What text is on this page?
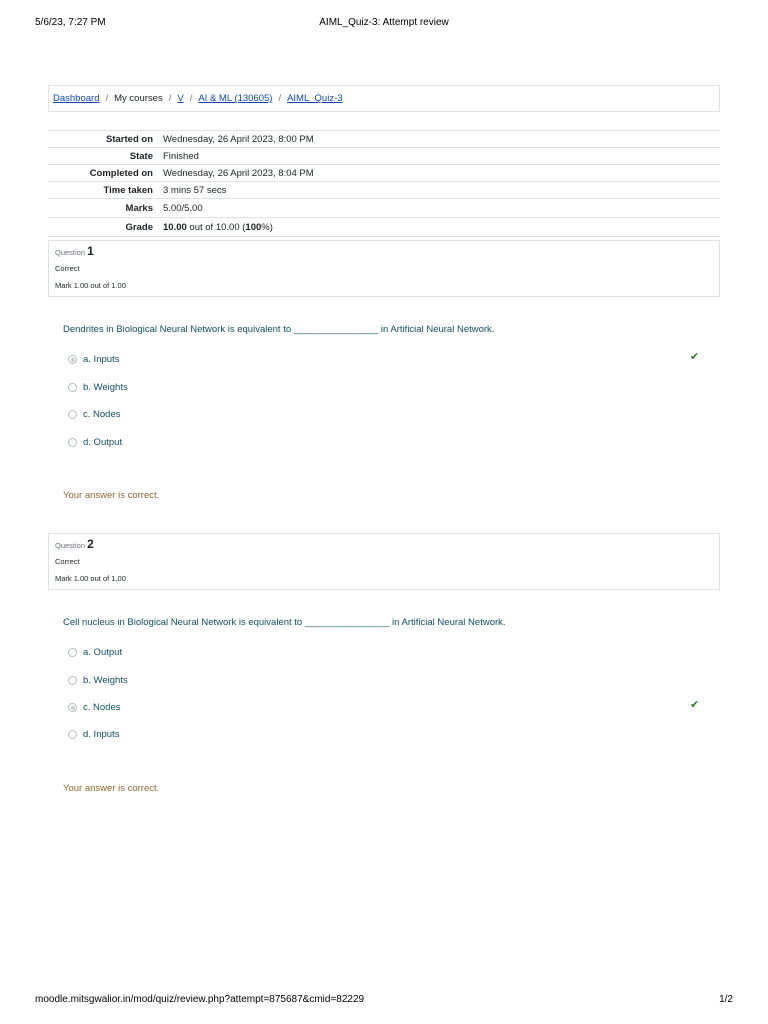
5/6/23, 7:27 PM	AIML_Quiz-3: Attempt review
Dashboard / My courses / V / AI & ML (130605) / AIML_Quiz-3
Started on	Wednesday, 26 April 2023, 8:00 PM
State	Finished
Completed on	Wednesday, 26 April 2023, 8:04 PM
Time taken	3 mins 57 secs
Marks	5.00/5.00
Grade	10.00 out of 10.00 (100%)
Question 1
Correct
Mark 1.00 out of 1.00
Dendrites in Biological Neural Network is equivalent to ________________ in Artificial Neural Network.
a. Inputs
b. Weights
c. Nodes
d. Output
✔
Your answer is correct.
Question 2
Correct
Mark 1.00 out of 1.00
Cell nucleus in Biological Neural Network is equivalent to ________________ in Artificial Neural Network.
a. Output
b. Weights
c. Nodes
d. Inputs
✔
Your answer is correct.
moodle.mitsgwalior.in/mod/quiz/review.php?attempt=875687&cmid=82229	1/2
